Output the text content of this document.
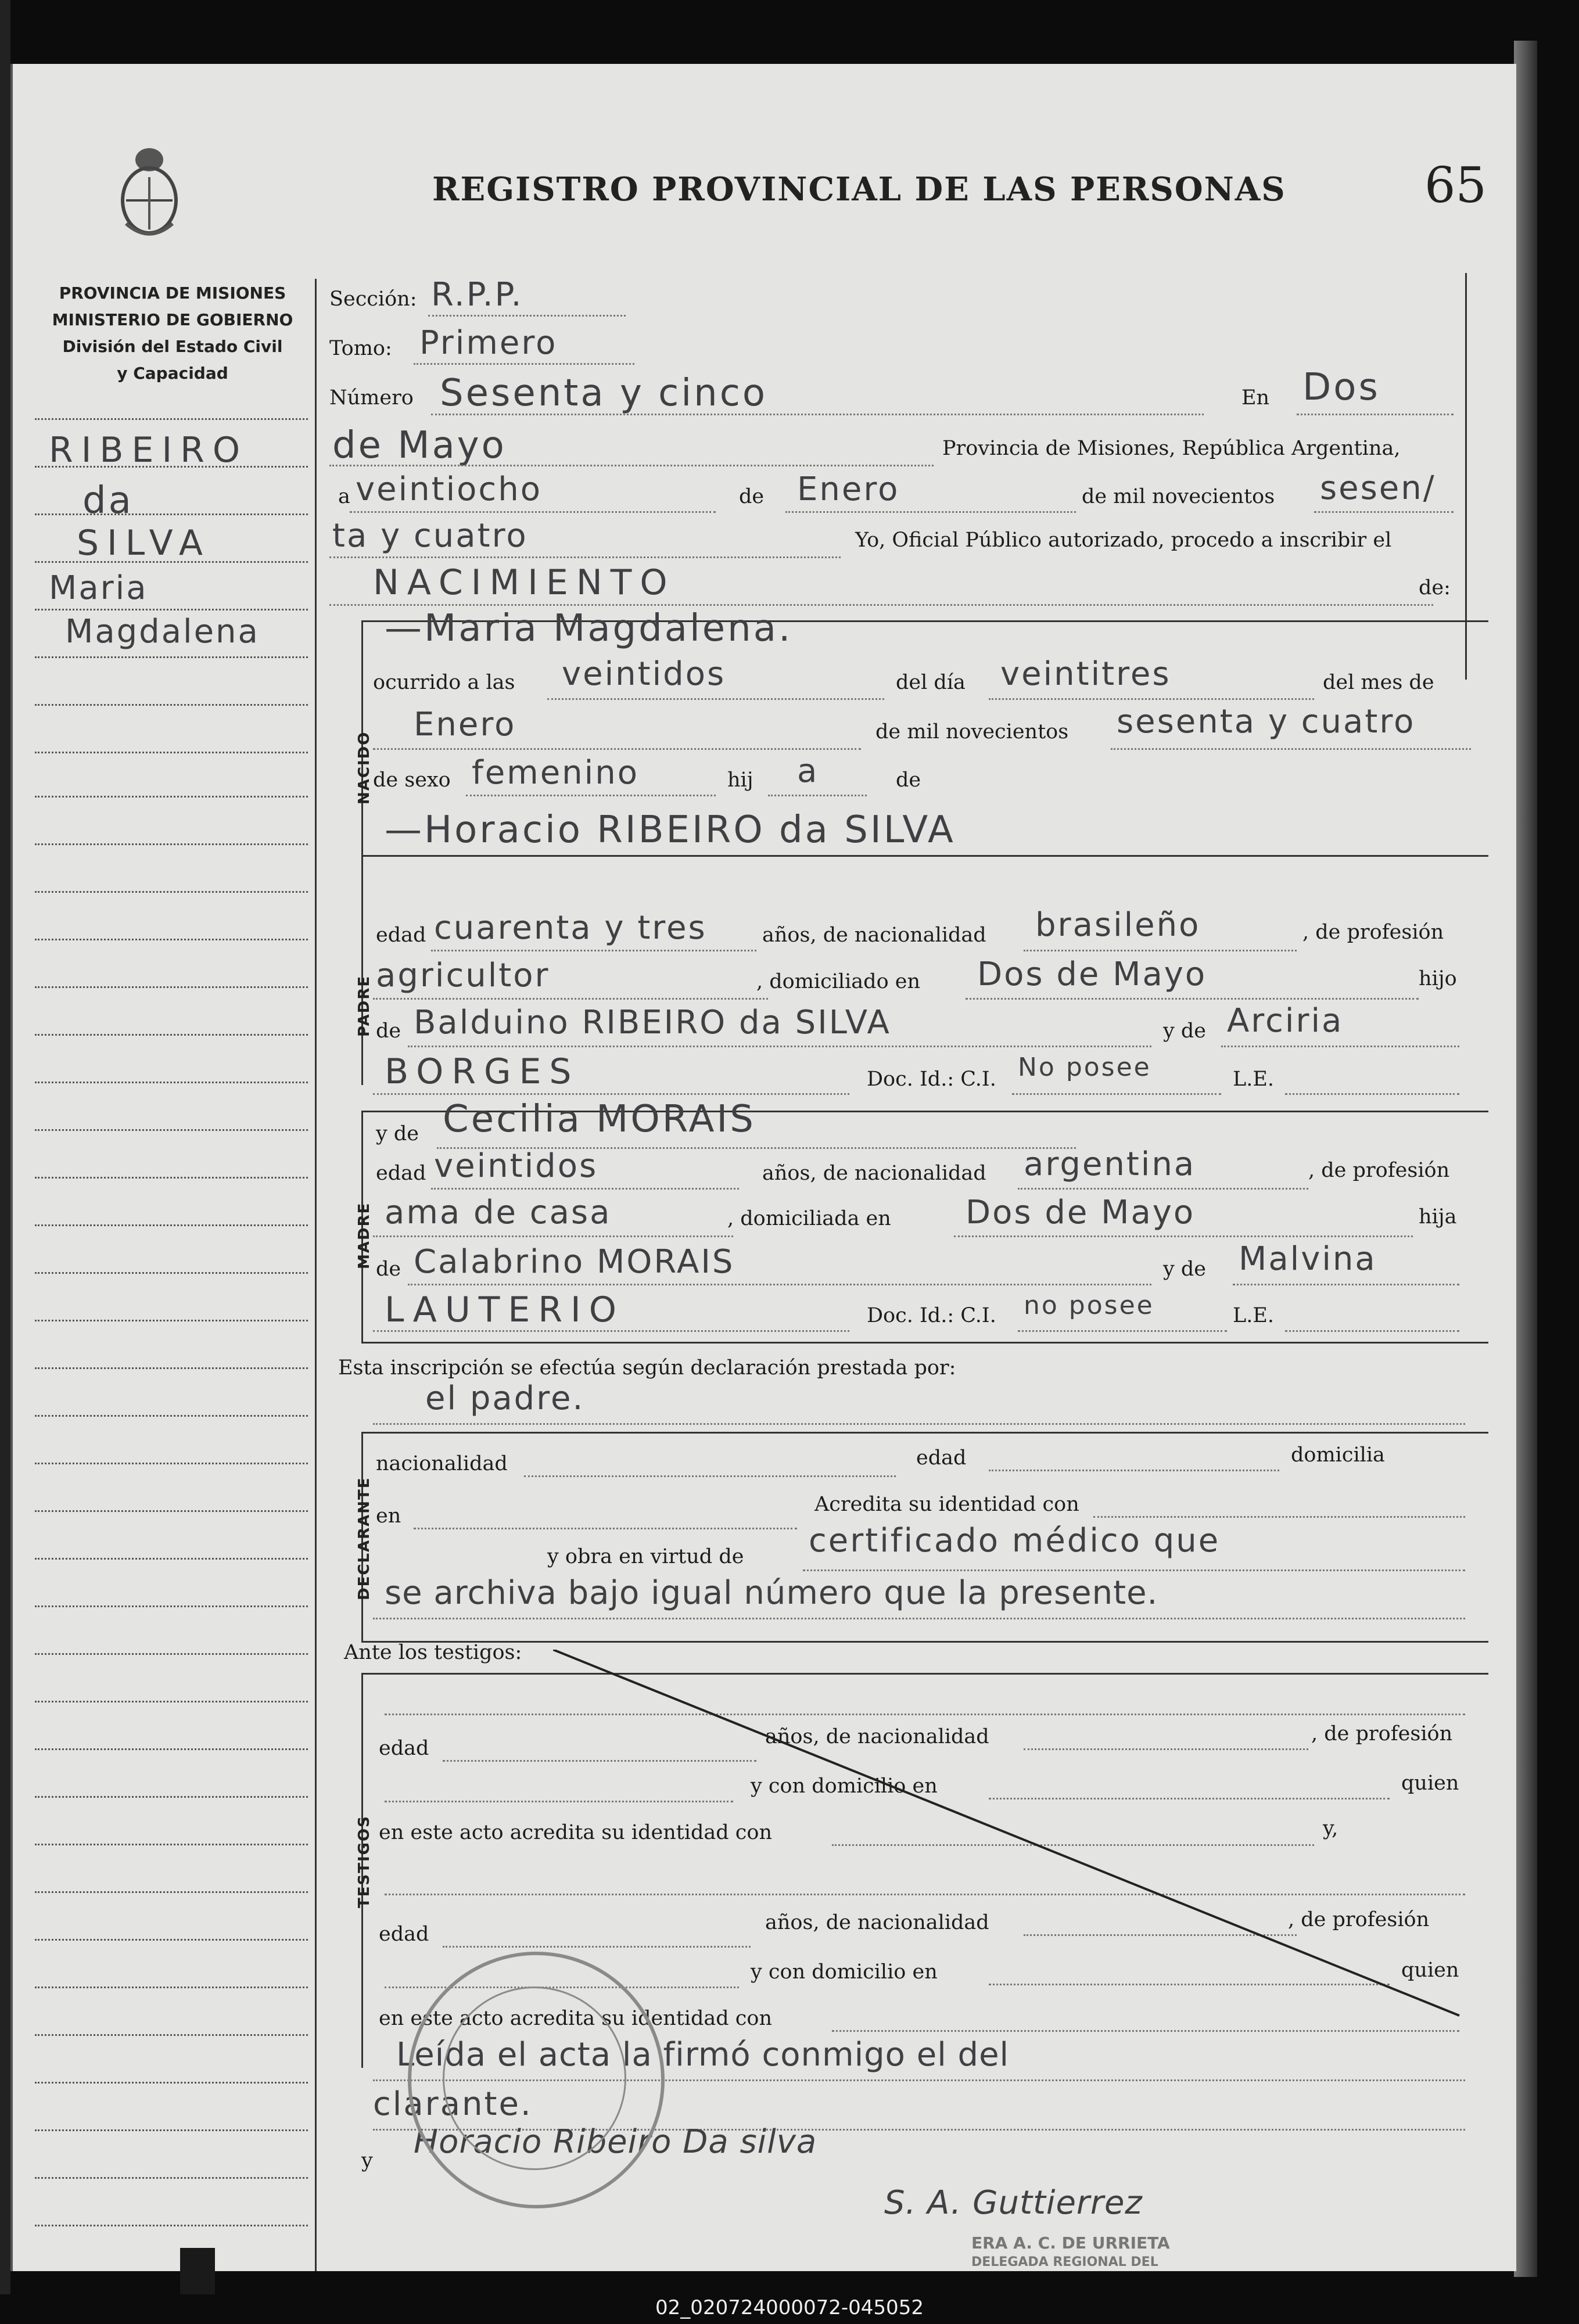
REGISTRO PROVINCIAL DE LAS PERSONAS	65
PROVINCIA DE MISIONES
MINISTERIO DE GOBIERNO
División del Estado Civil
y Capacidad
RIBEIRO
da
SILVA
Maria
Magdalena
Sección: R.P.P.
Tomo: Primero
Número Sesenta y cinco	En Dos
de Mayo	Provincia de Misiones, República Argentina,
a veintiocho	de Enero	de mil novecientos sesen/
ta y cuatro	Yo, Oficial Público autorizado, procedo a inscribir el
NACIMIENTO	de:
NACIDO
—Maria Magdalena.
ocurrido a las veintidos	del día veintitres	del mes de
Enero	de mil novecientos sesenta y cuatro
de sexo femenino	hij a	de
PADRE
—Horacio RIBEIRO da SILVA
edad cuarenta y tres	años, de nacionalidad brasileño	, de profesión
agricultor	, domiciliado en Dos de Mayo	hijo
de Balduino RIBEIRO da SILVA	y de Arciria
BORGES	Doc. Id.: C.I. No posee	L.E.
MADRE
y de Cecilia MORAIS
edad veintidos	años, de nacionalidad argentina	, de profesión
ama de casa	, domiciliada en Dos de Mayo	hija
de Calabrino MORAIS	y de Malvina
LAUTERIO	Doc. Id.: C.I. no posee	L.E.
Esta inscripción se efectúa según declaración prestada por:
el padre.
DECLARANTE
nacionalidad	edad	domicilia
en	Acredita su identidad con
y obra en virtud de certificado médico que
se archiva bajo igual número que la presente.
Ante los testigos:
TESTIGOS
edad	años, de nacionalidad	, de profesión
y con domicilio en	quien
en este acto acredita su identidad con	y,
edad	años, de nacionalidad	, de profesión
y con domicilio en	quien
en este acto acredita su identidad con
Leída el acta la firmó conmigo el del
clarante.
y Horacio Ribeiro Da silva
S. A. Guttierrez
ERA A. C. DE URRIETA
DELEGADA REGIONAL DEL
02_020724000072-045052
